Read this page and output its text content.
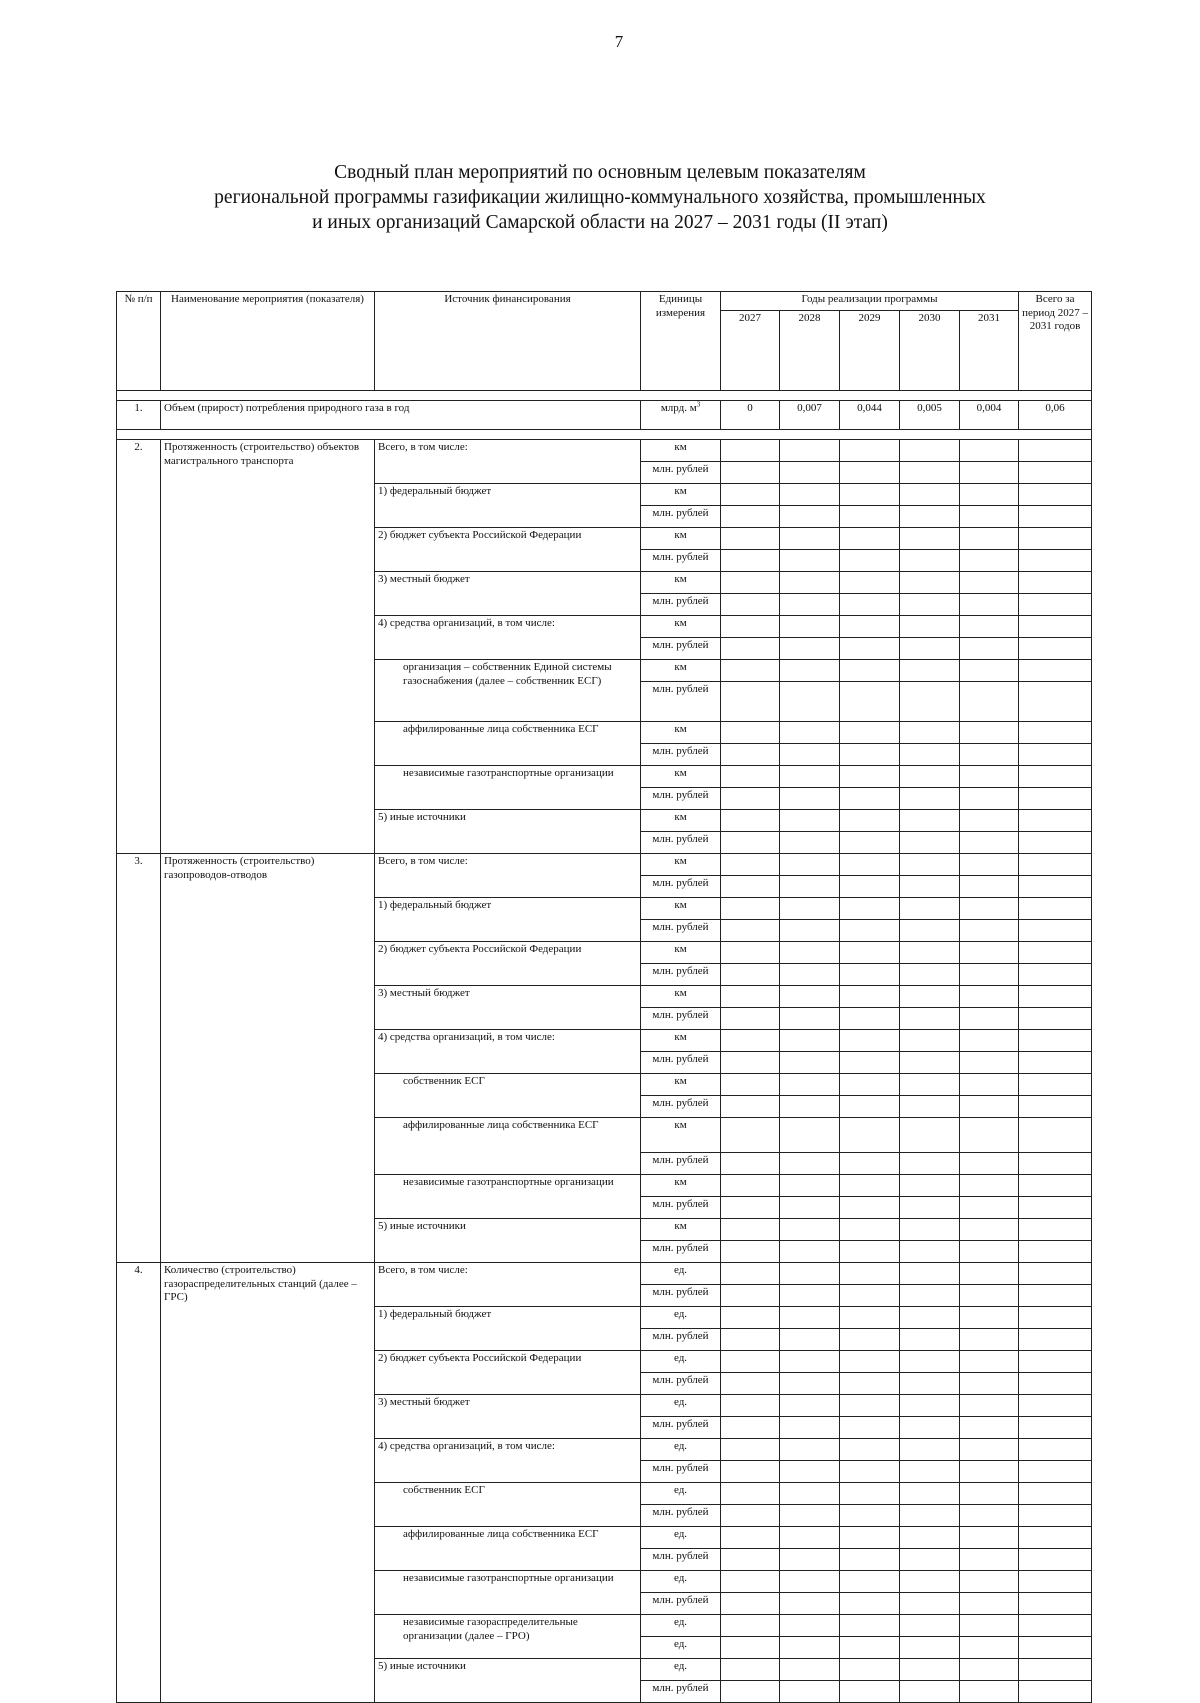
7
Сводный план мероприятий по основным целевым показателям
региональной программы газификации жилищно-коммунального хозяйства, промышленных
и иных организаций Самарской области на 2027 – 2031 годы (II этап)
№ п/п	Наименование мероприятия (показателя)	Источник финансирования	Единицы измерения	Годы реализации программы					Всего за период 2027 – 2031 годов
				2027	2028	2029	2030	2031	

1.	Объем (прирост) потребления природного газа в год		млрд. $м^3$	0	0,007	0,044	0,005	0,004	0,06

2.	Протяженность (строительство) объектов магистрального транспорта	Всего, в том числе:	км						
			млн. рублей						
		1) федеральный бюджет	км						
			млн. рублей						
		2) бюджет субъекта Российской Федерации	км						
			млн. рублей						
		3) местный бюджет	км						
			млн. рублей						
		4) средства организаций, в том числе:	км						
			млн. рублей						
		организация – собственник Единой системы газоснабжения (далее – собственник ЕСГ)	км						
			млн. рублей						
		аффилированные лица собственника ЕСГ	км						
			млн. рублей						
		независимые газотранспортные организации	км						
			млн. рублей						
		5) иные источники	км						
			млн. рублей						
3.	Протяженность (строительство) газопроводов-отводов	Всего, в том числе:	км						
			млн. рублей						
		1) федеральный бюджет	км						
			млн. рублей						
		2) бюджет субъекта Российской Федерации	км						
			млн. рублей						
		3) местный бюджет	км						
			млн. рублей						
		4) средства организаций, в том числе:	км						
			млн. рублей						
		собственник ЕСГ	км						
			млн. рублей						
		аффилированные лица собственника ЕСГ	км						
			млн. рублей						
		независимые газотранспортные организации	км						
			млн. рублей						
		5) иные источники	км						
			млн. рублей						
4.	Количество (строительство) газораспределительных станций (далее – ГРС)	Всего, в том числе:	ед.						
			млн. рублей						
		1) федеральный бюджет	ед.						
			млн. рублей						
		2) бюджет субъекта Российской Федерации	ед.						
			млн. рублей						
		3) местный бюджет	ед.						
			млн. рублей						
		4) средства организаций, в том числе:	ед.						
			млн. рублей						
		собственник ЕСГ	ед.						
			млн. рублей						
		аффилированные лица собственника ЕСГ	ед.						
			млн. рублей						
		независимые газотранспортные организации	ед.						
			млн. рублей						
		независимые газораспределительные организации (далее – ГРО)	ед.						
			ед.						
		5) иные источники	ед.						
			млн. рублей						
